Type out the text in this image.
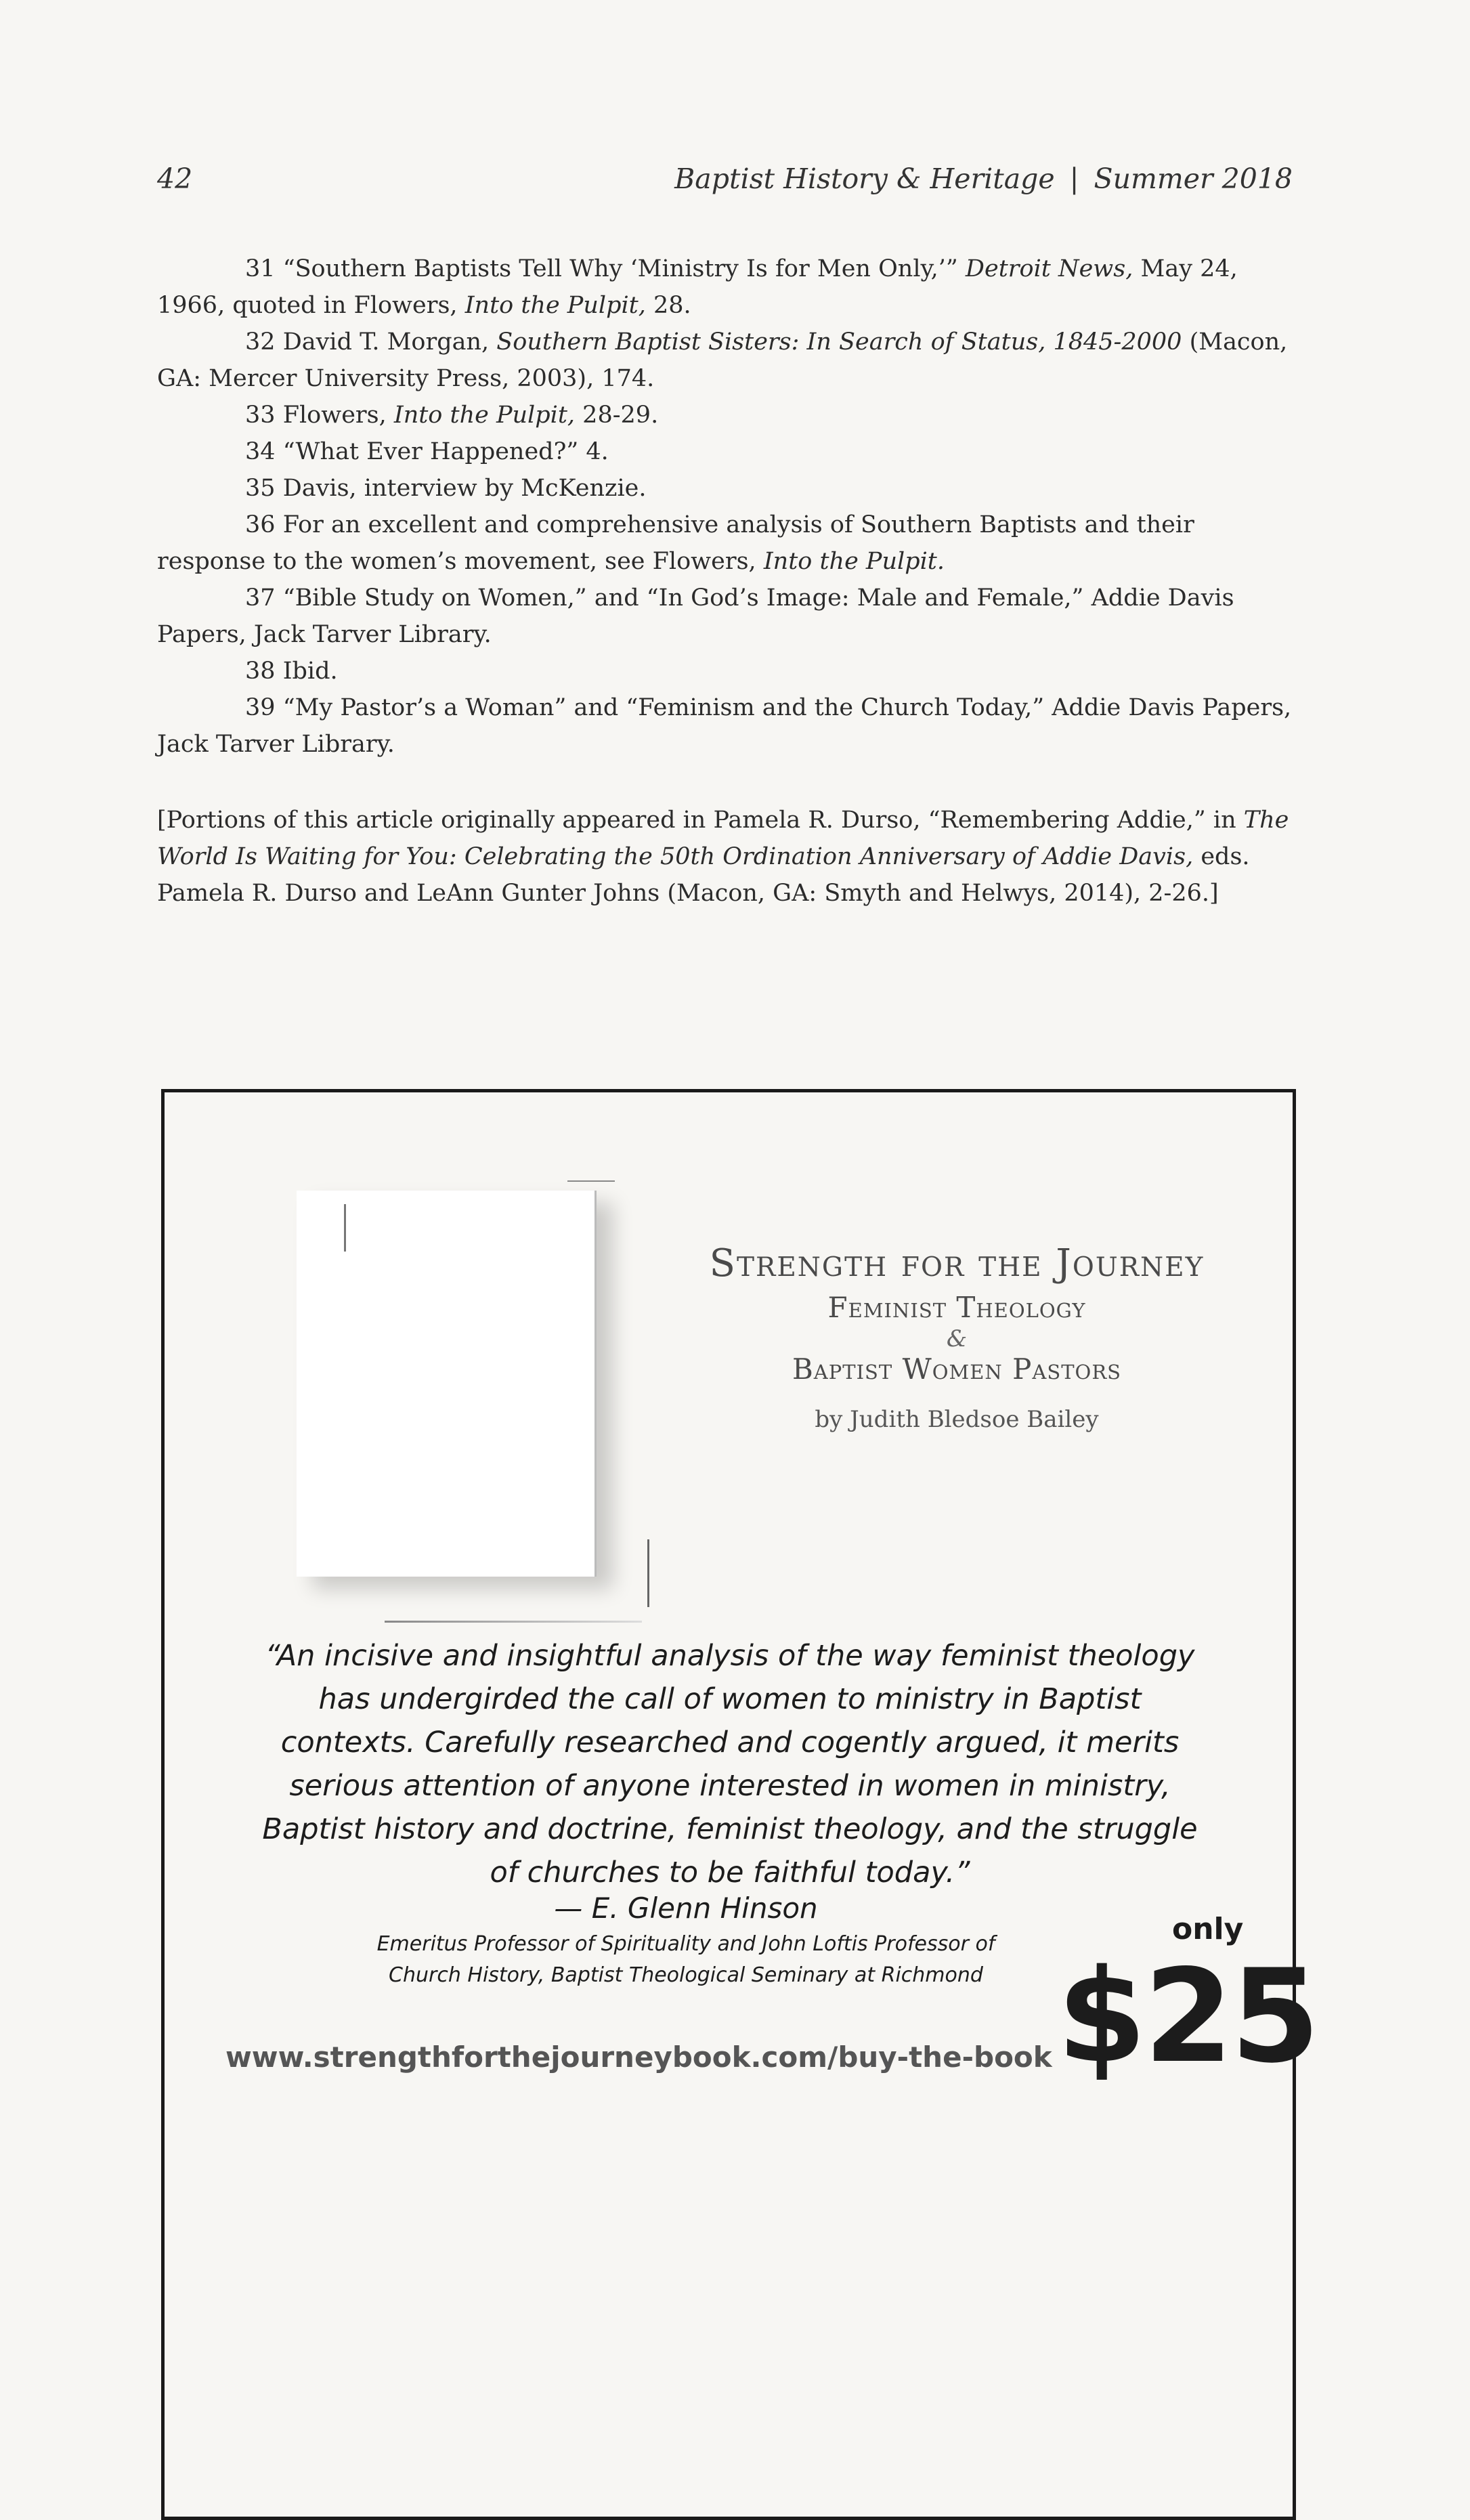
42	Baptist History & Heritage | Summer 2018

31 “Southern Baptists Tell Why ‘Ministry Is for Men Only,’” Detroit News, May 24, 1966, quoted in Flowers, Into the Pulpit, 28.

32 David T. Morgan, Southern Baptist Sisters: In Search of Status, 1845-2000 (Macon, GA: Mercer University Press, 2003), 174.

33 Flowers, Into the Pulpit, 28-29.

34 “What Ever Happened?” 4.

35 Davis, interview by McKenzie.

36 For an excellent and comprehensive analysis of Southern Baptists and their response to the women’s movement, see Flowers, Into the Pulpit.

37 “Bible Study on Women,” and “In God’s Image: Male and Female,” Addie Davis Papers, Jack Tarver Library.

38 Ibid.

39 “My Pastor’s a Woman” and “Feminism and the Church Today,” Addie Davis Papers, Jack Tarver Library.

[Portions of this article originally appeared in Pamela R. Durso, “Remembering Addie,” in The World Is Waiting for You: Celebrating the 50th Ordination Anniversary of Addie Davis, eds. Pamela R. Durso and LeAnn Gunter Johns (Macon, GA: Smyth and Helwys, 2014), 2-26.]

Strength for the Journey
Feminist Theology
&
Baptist Women Pastors
by Judith Bledsoe Bailey
“An incisive and insightful analysis of the way feminist theology has undergirded the call of women to ministry in Baptist contexts. Carefully researched and cogently argued, it merits serious attention of anyone interested in women in ministry, Baptist history and doctrine, feminist theology, and the struggle of churches to be faithful today.”
— E. Glenn Hinson
Emeritus Professor of Spirituality and John Loftis Professor of Church History, Baptist Theological Seminary at Richmond
only
$25
www.strengthforthejourneybook.com/buy-the-book
